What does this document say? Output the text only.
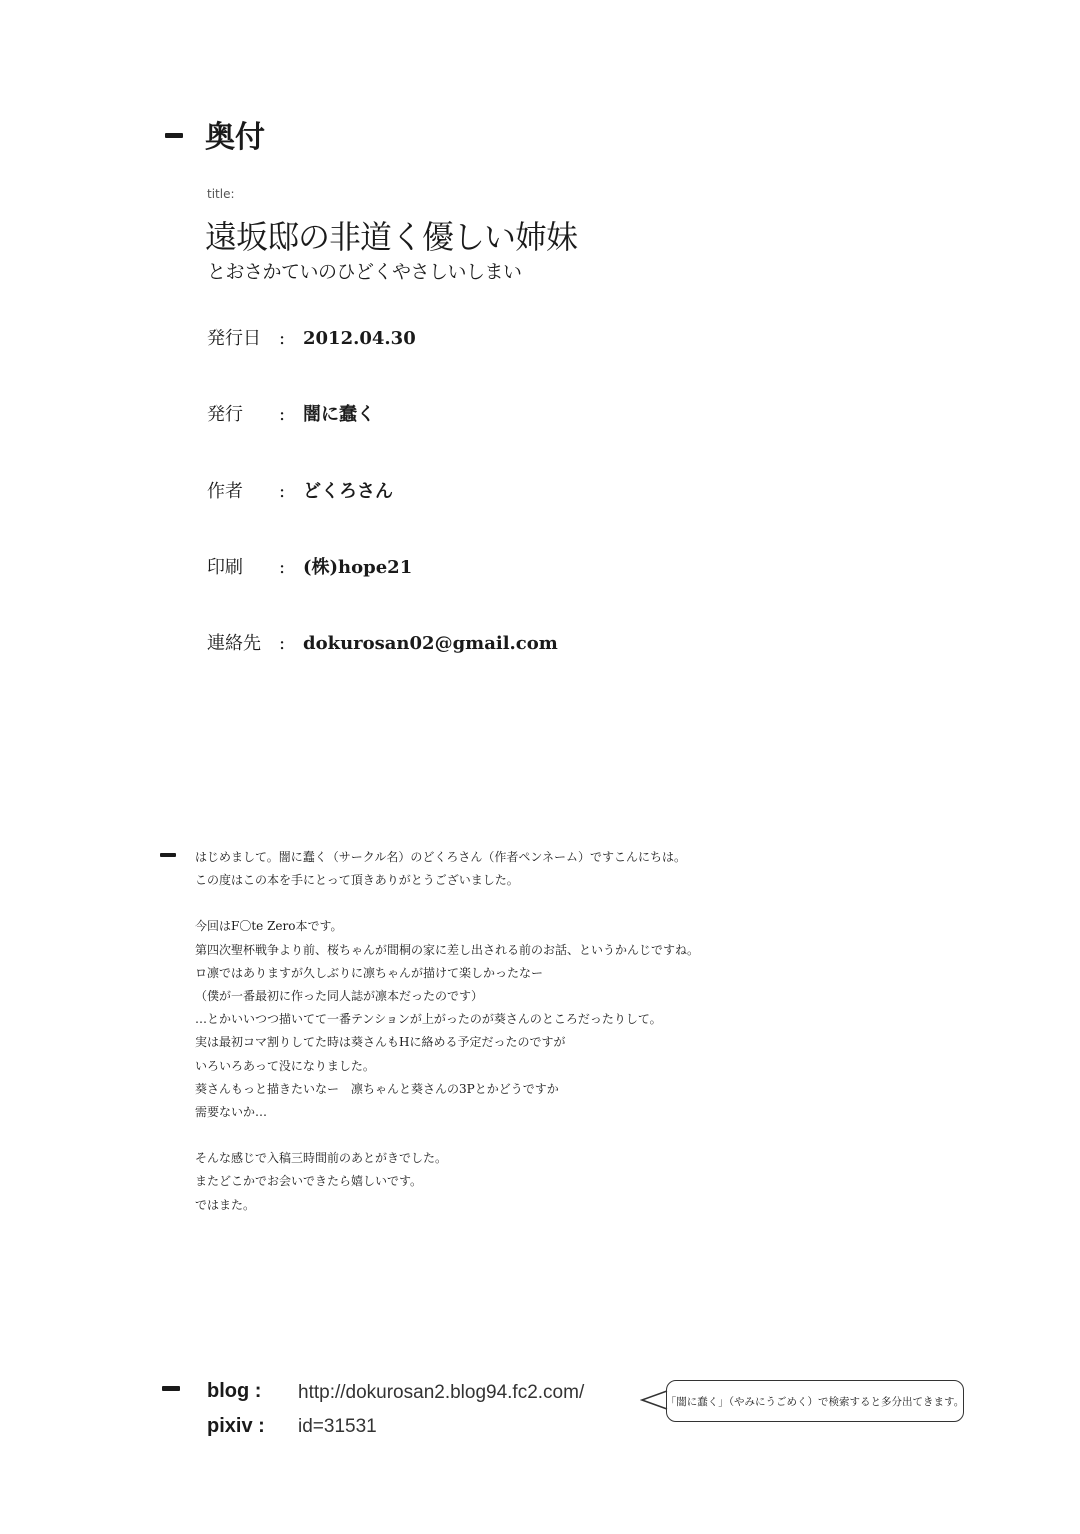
奥付
title:
遠坂邸の非道く優しい姉妹
とおさかていのひどくやさしいしまい
発行日	: 2012.04.30
発行	: 闇に蠢く
作者	: どくろさん
印刷	: (株)hope21
連絡先	: dokurosan02@gmail.com

はじめまして。闇に蠢く（サークル名）のどくろさん（作者ペンネーム）ですこんにちは。

この度はこの本を手にとって頂きありがとうございました。

今回はF〇te Zero本です。

第四次聖杯戦争より前、桜ちゃんが間桐の家に差し出される前のお話、というかんじですね。

ロ凛ではありますが久しぶりに凛ちゃんが描けて楽しかったなー

（僕が一番最初に作った同人誌が凛本だったのです）

…とかいいつつ描いてて一番テンションが上がったのが葵さんのところだったりして。

実は最初コマ割りしてた時は葵さんもHに絡める予定だったのですが

いろいろあって没になりました。

葵さんもっと描きたいなー　凛ちゃんと葵さんの3Pとかどうですか

需要ないか…

そんな感じで入稿三時間前のあとがきでした。

またどこかでお会いできたら嬉しいです。

ではまた。

blog : http://dokurosan2.blog94.fc2.com/
pixiv : id=31531
「闇に蠢く」（やみにうごめく）で検索すると多分出てきます。
